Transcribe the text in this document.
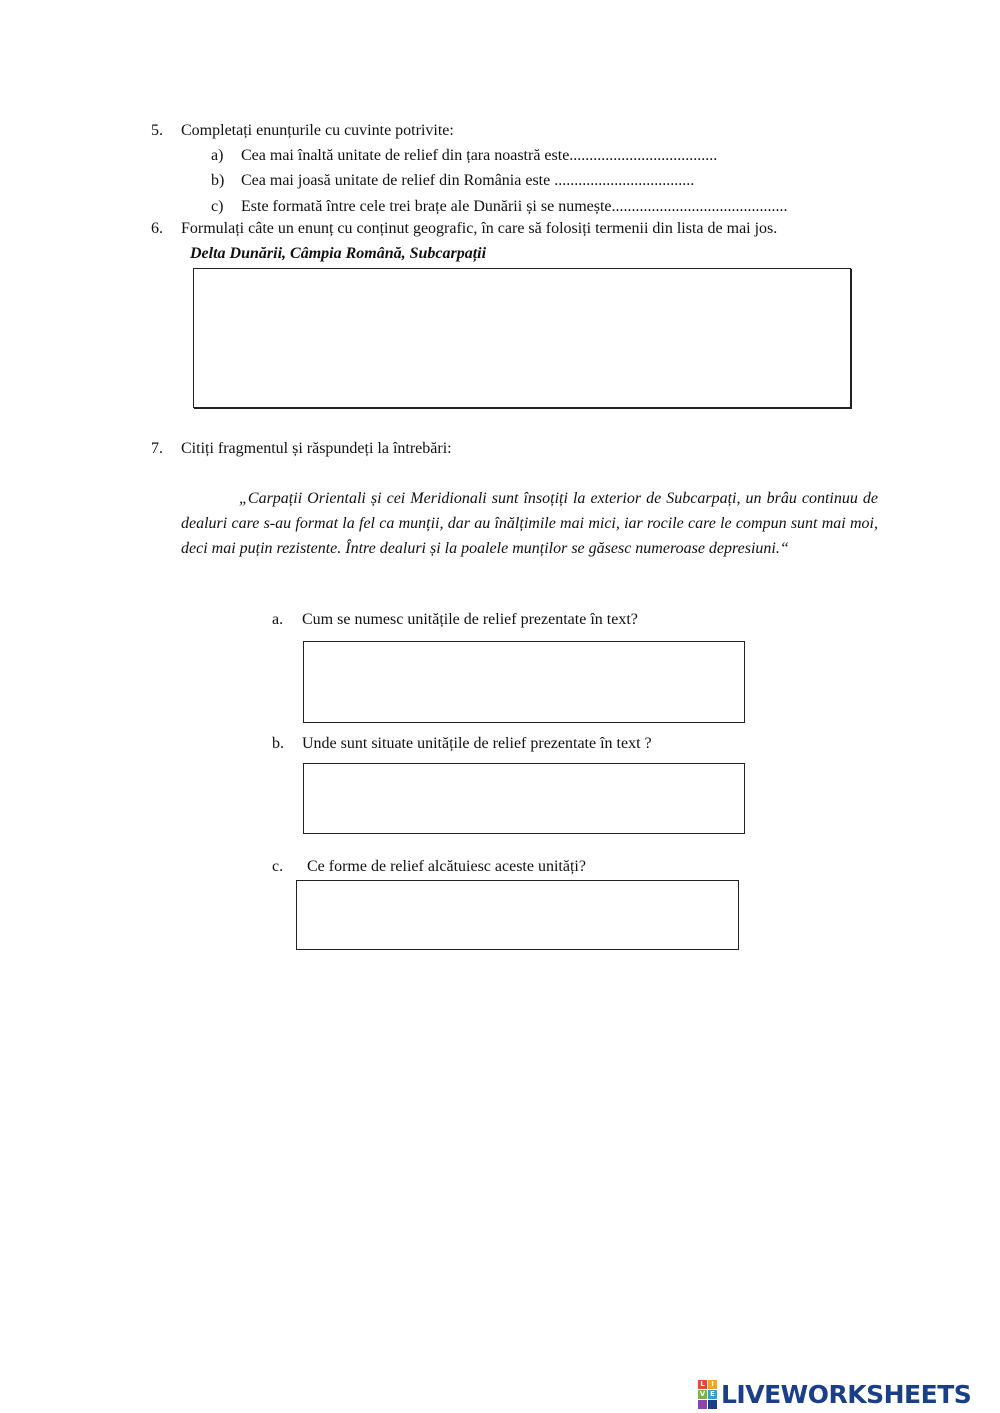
5. Completați enunțurile cu cuvinte potrivite:
a) Cea mai înaltă unitate de relief din țara noastră este.....................................
b) Cea mai joasă unitate de relief din România este ...................................
c) Este formată între cele trei brațe ale Dunării și se numește............................................
6. Formulați câte un enunț cu conținut geografic, în care să folosiți termenii din lista de mai jos.
Delta Dunării, Câmpia Română, Subcarpații
7. Citiți fragmentul și răspundeți la întrebări:
„Carpații Orientali și cei Meridionali sunt însoțiți la exterior de Subcarpați, un brâu continuu de dealuri care s-au format la fel ca munții, dar au înălțimile mai mici, iar rocile care le compun sunt mai moi, deci mai puțin rezistente. Între dealuri și la poalele munților se găsesc numeroase depresiuni.“
a. Cum se numesc unitățile de relief prezentate în text?
b. Unde sunt situate unitățile de relief prezentate în text ?
c. Ce forme de relief alcătuiesc aceste unități?
L I
V E LIVEWORKSHEETS
